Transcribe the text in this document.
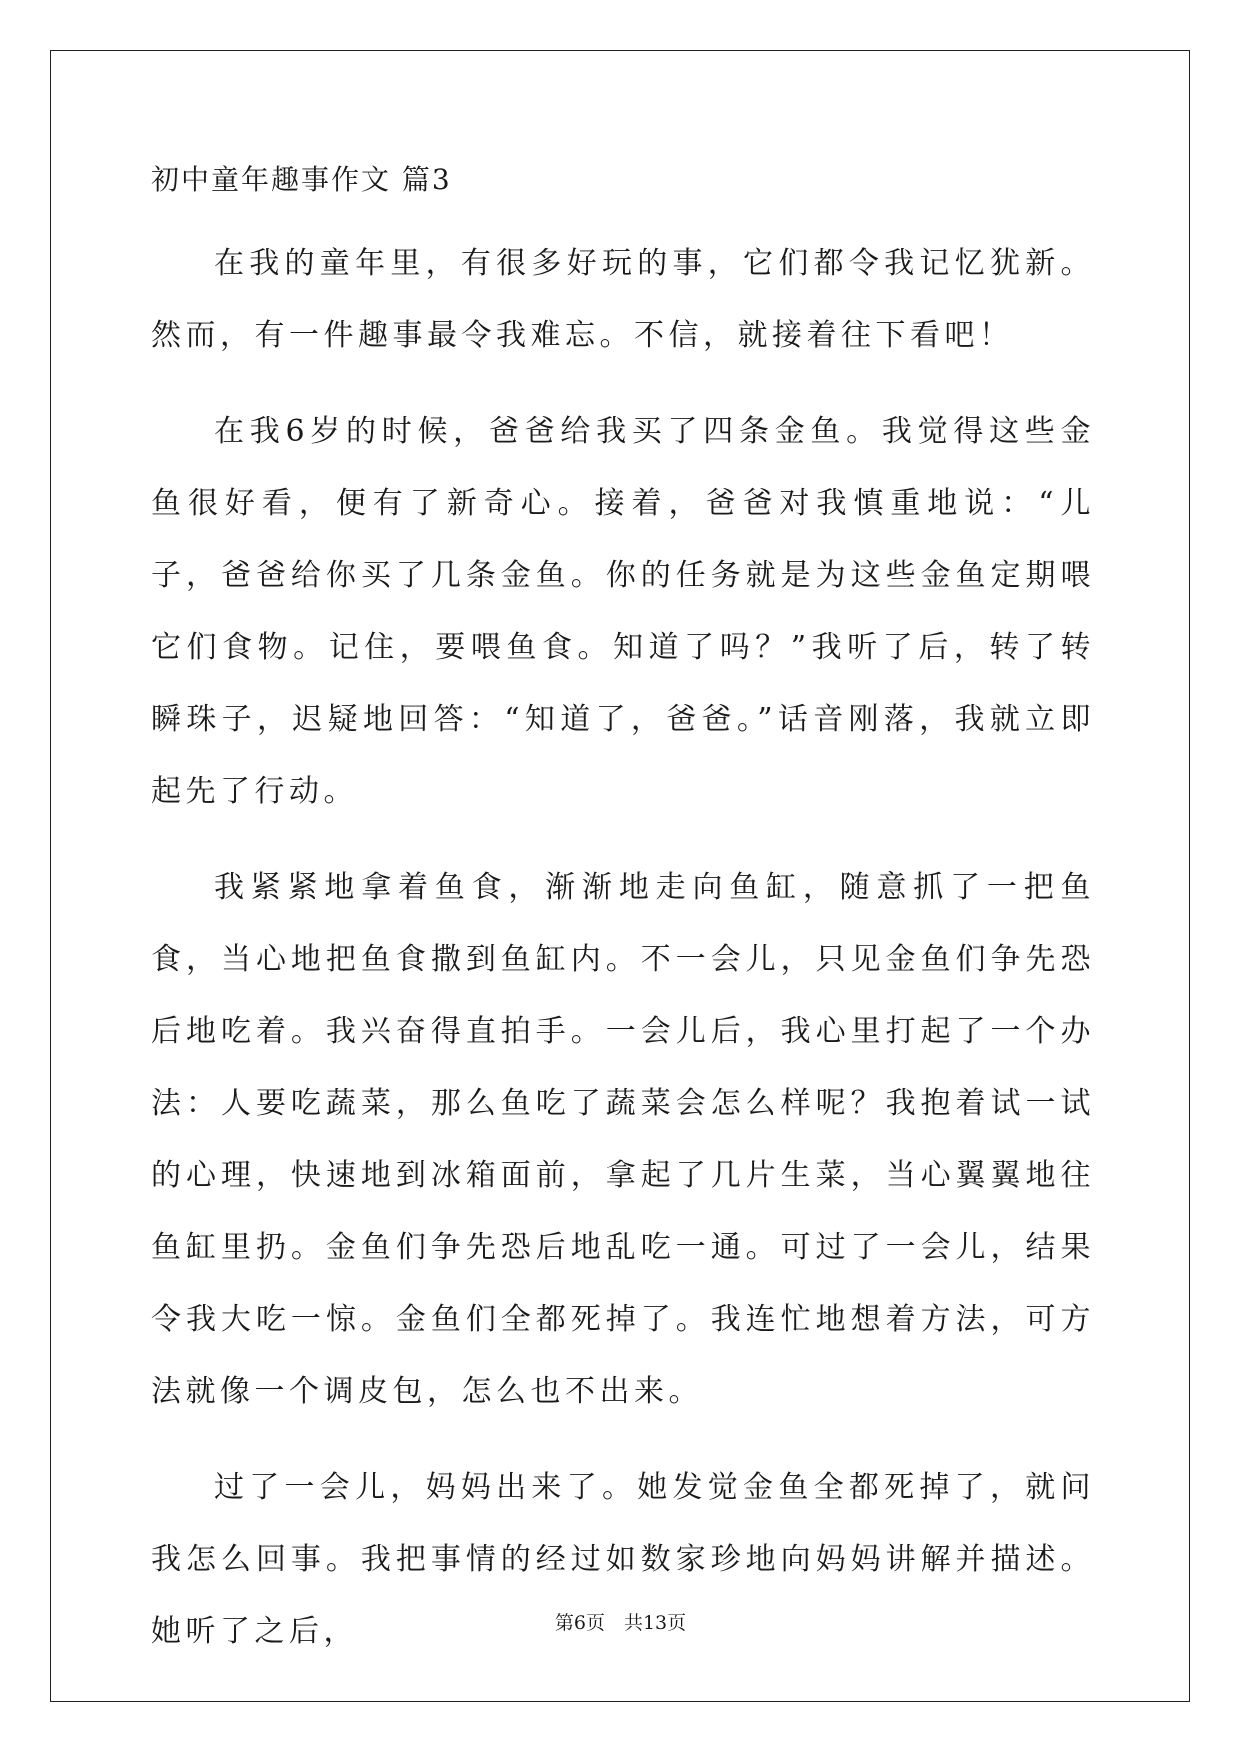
初中童年趣事作文 篇3

在我的童年里，有很多好玩的事，它们都令我记忆犹新。然而，有一件趣事最令我难忘。不信，就接着往下看吧！

在我6岁的时候，爸爸给我买了四条金鱼。我觉得这些金鱼很好看，便有了新奇心。接着，爸爸对我慎重地说：“儿子，爸爸给你买了几条金鱼。你的任务就是为这些金鱼定期喂它们食物。记住，要喂鱼食。知道了吗？”我听了后，转了转瞬珠子，迟疑地回答：“知道了，爸爸。”话音刚落，我就立即起先了行动。

我紧紧地拿着鱼食，渐渐地走向鱼缸，随意抓了一把鱼食，当心地把鱼食撒到鱼缸内。不一会儿，只见金鱼们争先恐后地吃着。我兴奋得直拍手。一会儿后，我心里打起了一个办法：人要吃蔬菜，那么鱼吃了蔬菜会怎么样呢？我抱着试一试的心理，快速地到冰箱面前，拿起了几片生菜，当心翼翼地往鱼缸里扔。金鱼们争先恐后地乱吃一通。可过了一会儿，结果令我大吃一惊。金鱼们全都死掉了。我连忙地想着方法，可方法就像一个调皮包，怎么也不出来。

过了一会儿，妈妈出来了。她发觉金鱼全都死掉了，就问我怎么回事。我把事情的经过如数家珍地向妈妈讲解并描述。她听了之后，	第6页　共13页
